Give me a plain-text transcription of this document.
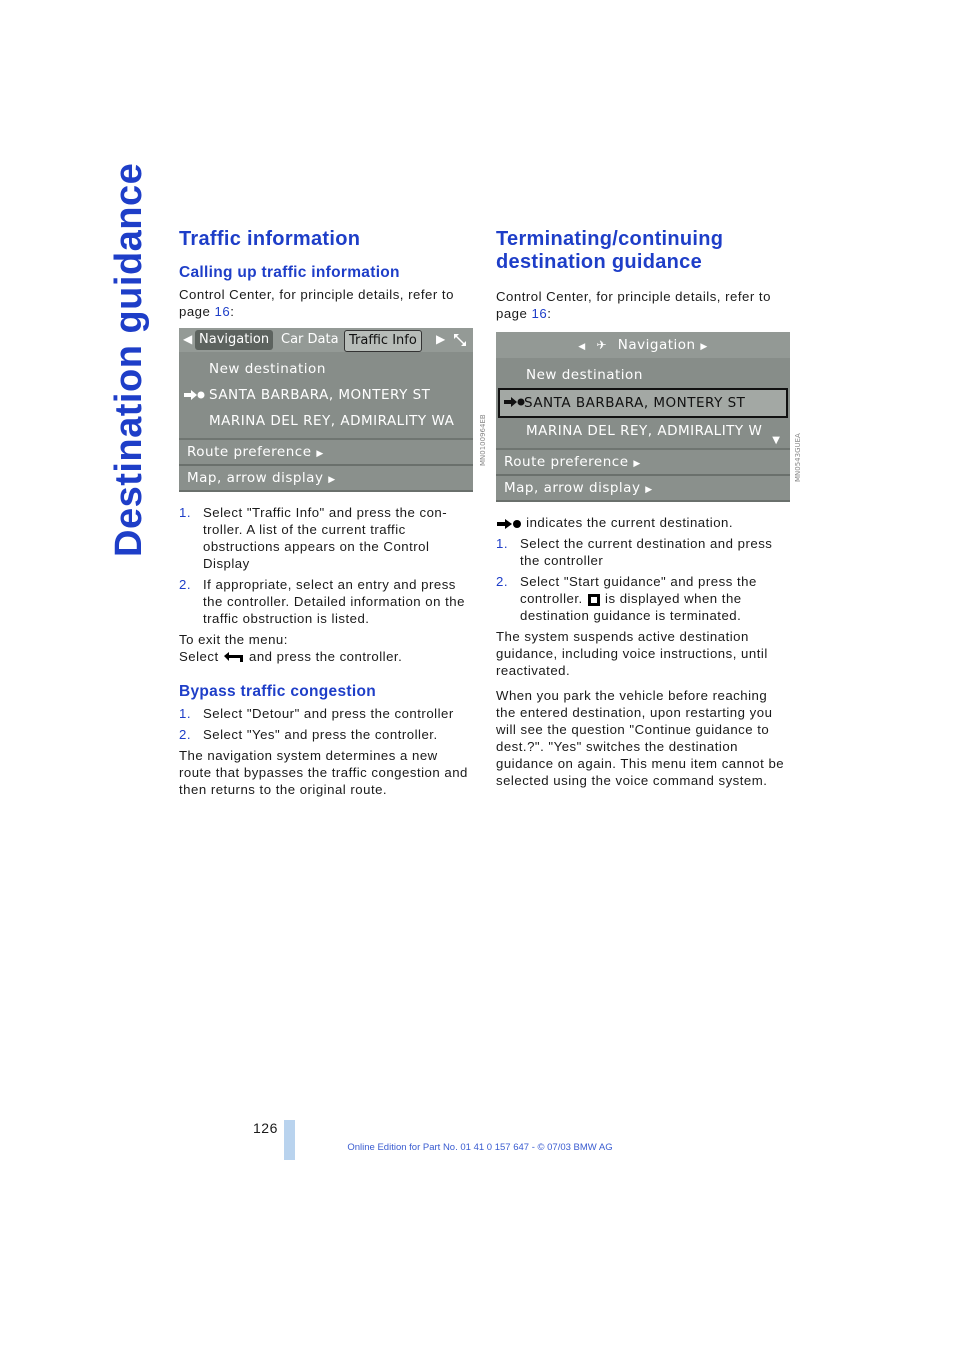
Destination guidance Traffic information
Calling up traffic information

Control Center, for principle details, refer to page 16:

◀ Navigation Car Data Traffic Info	▶
New destination
SANTA BARBARA, MONTERY ST
MARINA DEL REY, ADMIRALITY WA
Route preference ▶
Map, arrow display ▶
MN0100964EB
1. Select "Traffic Info" and press the controller. A list of the current traffic obstructions appears on the Control Display
2. If appropriate, select an entry and press the controller. Detailed information on the traffic obstruction is listed.

To exit the menu:
Select and press the controller.

Bypass traffic congestion
1. Select "Detour" and press the controller
2. Select "Yes" and press the controller.

The navigation system determines a new route that bypasses the traffic congestion and then returns to the original route.

Terminating/continuing
destination guidance

Control Center, for principle details, refer to page 16:

◀ ✈ Navigation ▶
New destination
SANTA BARBARA, MONTERY ST
MARINA DEL REY, ADMIRALITY W
▼
Route preference ▶
Map, arrow display ▶
MN0543GUEA

indicates the current destination.

1. Select the current destination and press the controller
2. Select "Start guidance" and press the controller. is displayed when the destination guidance is terminated.

The system suspends active destination guidance, including voice instructions, until reactivated.

When you park the vehicle before reaching the entered destination, upon restarting you will see the question "Continue guidance to dest.?". "Yes" switches the destination guidance on again. This menu item cannot be selected using the voice command system.

126
Online Edition for Part No. 01 41 0 157 647 - © 07/03 BMW AG
